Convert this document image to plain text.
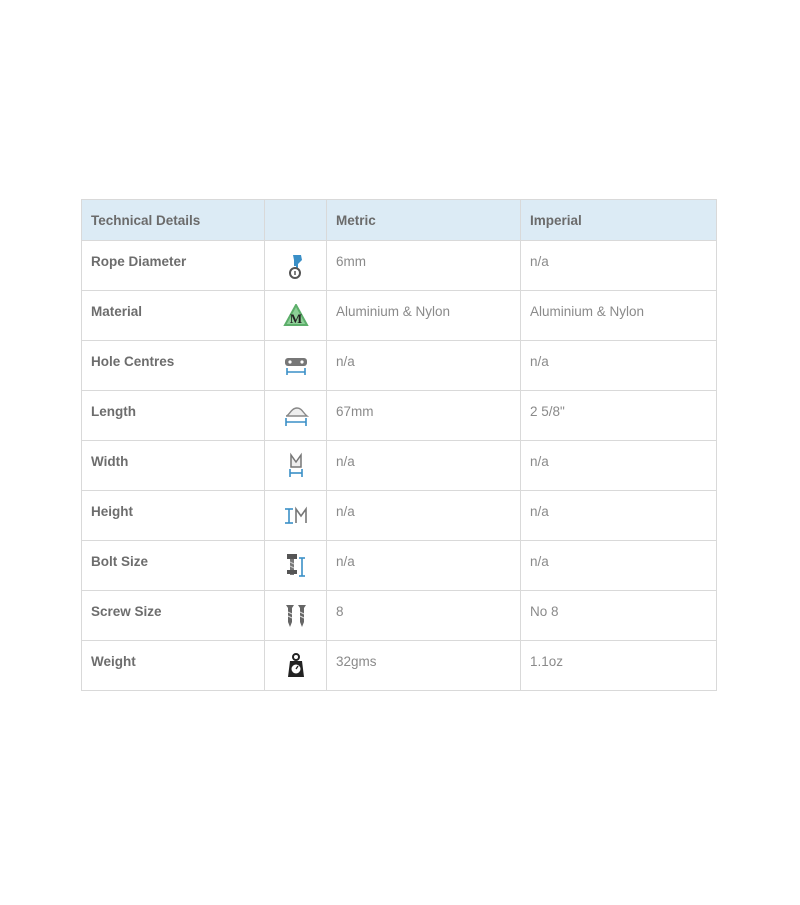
Technical Details		Metric	Imperial
Rope Diameter		6mm	n/a
Material	M	Aluminium & Nylon	Aluminium & Nylon
Hole Centres		n/a	n/a
Length		67mm	2 5/8"
Width		n/a	n/a
Height		n/a	n/a
Bolt Size		n/a	n/a
Screw Size		8	No 8
Weight		32gms	1.1oz
